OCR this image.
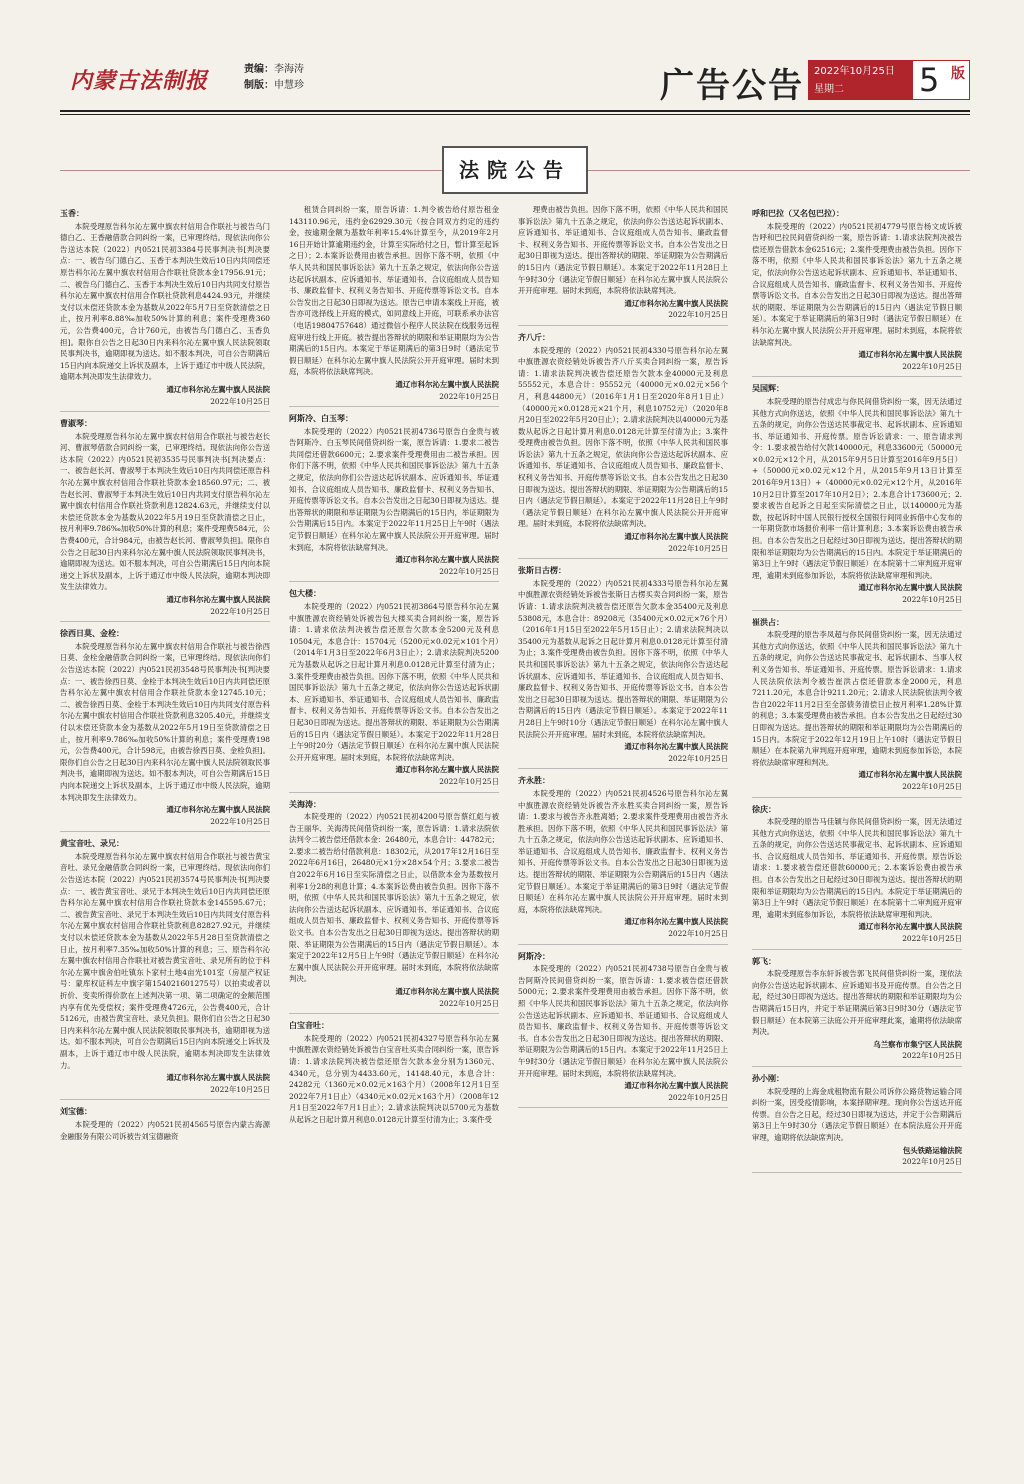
内蒙古法制报	责编：李海涛
制版：申慧珍	广告公告 2022年10月25日
星期二	5 版
法院公告
玉香：

本院受理原告科尔沁左翼中旗农村信用合作联社与被告乌门德白乙、王香融借款合同纠纷一案，已审理终结。现依法向你公告送达本院（2022）内0521民初3384号民事判决书[判决要点：一、被告乌门德白乙、玉香于本判决生效后10日内共同偿还原告科尔沁左翼中旗农村信用合作联社贷款本金17956.91元；二、被告乌门德白乙、玉香于本判决生效后10日内共同支付原告科尔沁左翼中旗农村信用合作联社贷款利息4424.93元，并继续支付以未偿还贷款本金为基数从2022年5月7日至贷款清偿之日止，按月利率8.88‰加收50%计算的利息；案件受理费360元，公告费400元，合计760元，由被告乌门德白乙、玉香负担]。限你自公告之日起30日内来科尔沁左翼中旗人民法院领取民事判决书，逾期即视为送达。如不服本判决，可自公告期满后15日内向本院递交上诉状及副本，上诉于通辽市中级人民法院，逾期本判决即发生法律效力。

通辽市科尔沁左翼中旗人民法院
2022年10月25日
曹淑琴：

本院受理原告科尔沁左翼中旗农村信用合作联社与被告赵长河、曹淑琴借款合同纠纷一案，已审理终结。现依法向你公告送达本院（2022）内0521民初3535号民事判决书[判决要点：一、被告赵长河、曹淑琴于本判决生效后10日内共同偿还原告科尔沁左翼中旗农村信用合作联社贷款本金18560.97元；二、被告赵长河、曹淑琴于本判决生效后10日内共同支付原告科尔沁左翼中旗农村信用合作联社贷款利息12824.63元，并继续支付以未偿还贷款本金为基数从2022年5月19日至贷款清偿之日止，按月利率9.786‰加收50%计算的利息；案件受理费584元，公告费400元，合计984元，由被告赵长河、曹淑琴负担]。限你自公告之日起30日内来科尔沁左翼中旗人民法院领取民事判决书，逾期即视为送达。如不服本判决，可自公告期满后15日内向本院递交上诉状及副本，上诉于通辽市中级人民法院，逾期本判决即发生法律效力。

通辽市科尔沁左翼中旗人民法院
2022年10月25日
徐西日莫、金栓：

本院受理原告科尔沁左翼中旗农村信用合作联社与被告徐西日莫、金栓金融借款合同纠纷一案，已审理终结。现依法向你们公告送达本院（2022）内0521民初3548号民事判决书[判决要点：一、被告徐西日莫、金栓于本判决生效后10日内共同偿还原告科尔沁左翼中旗农村信用合作联社贷款本金12745.10元；二、被告徐西日莫、金栓于本判决生效后10日内共同支付原告科尔沁左翼中旗农村信用合作联社贷款利息3205.40元，并继续支付以未偿还贷款本金为基数从2022年5月19日至贷款清偿之日止，按月利率9.786‰加收50%计算的利息；案件受理费198元，公告费400元，合计598元，由被告徐西日莫、金栓负担]。限你们自公告之日起30日内来科尔沁左翼中旗人民法院领取民事判决书，逾期即视为送达。如不服本判决，可自公告期满后15日内向本院递交上诉状及副本，上诉于通辽市中级人民法院，逾期本判决即发生法律效力。

通辽市科尔沁左翼中旗人民法院
2022年10月25日
黄宝音吐、录兄：

本院受理原告科尔沁左翼中旗农村信用合作联社与被告黄宝音吐、录兄金融借款合同纠纷一案，已审理终结。现依法向你们公告送达本院（2022）内0521民初3574号民事判决书[判决要点：一、被告黄宝音吐、录兄于本判决生效后10日内共同偿还原告科尔沁左翼中旗农村信用合作联社贷款本金145595.67元；二、被告黄宝音吐、录兄于本判决生效后10日内共同支付原告科尔沁左翼中旗农村信用合作联社贷款利息82827.92元，并继续支付以未偿还贷款本金为基数从2022年5月28日至贷款清偿之日止，按月利率7.35‰加收50%计算的利息；三、原告科尔沁左翼中旗农村信用合作联社对被告黄宝音吐、录兄所有的位于科尔沁左翼中旗舍伯吐镇东卜家村土地4亩光101室（房屋产权证号：蒙库权证科左中旗字第154021601275号）以拍卖或者以折价、变卖所得价款在上述判决第一项、第二项确定的金额范围内享有优先受偿权；案件受理费4726元，公告费400元，合计5126元，由被告黄宝音吐、录兄负担]。限你们自公告之日起30日内来科尔沁左翼中旗人民法院领取民事判决书，逾期即视为送达。如不服本判决，可自公告期满后15日内向本院递交上诉状及副本，上诉于通辽市中级人民法院，逾期本判决即发生法律效力。

通辽市科尔沁左翼中旗人民法院
2022年10月25日
刘宝德：

本院受理的（2022）内0521民初4565号原告内蒙古海源金融服务有限公司诉被告刘宝德融资

租赁合同纠纷一案，原告诉请：1.判令被告给付原告租金143110.96元，违约金62929.30元（按合同双方约定的违约金，按逾期金额为基数年利率15.4%计算至今，从2019年2月16日开始计算逾期违约金，计算至实际给付之日，暂计算至起诉之日）；2.本案诉讼费用由被告承担。因你下落不明，依照《中华人民共和国民事诉讼法》第九十五条之规定，依法向你公告送达起诉状副本、应诉通知书、举证通知书、合议庭组成人员告知书、廉政监督卡、权利义务告知书、开庭传票等诉讼文书。自本公告发出之日起30日即视为送达。原告已申请本案线上开庭，被告亦可选择线上开庭的模式，如同意线上开庭，可联系承办法官（电话19804757648）通过微信小程序人民法院在线服务远程庭审进行线上开庭。被告提出答辩状的期限和举证期限均为公告期满后的15日内。本案定于举证期满后的第3日9时（遇法定节假日顺延）在科尔沁左翼中旗人民法院公开开庭审理。届时未到庭，本院将依法缺席判决。

通辽市科尔沁左翼中旗人民法院
2022年10月25日
阿斯冷、白玉琴：

本院受理的（2022）内0521民初4736号原告白金贵与被告阿斯冷、白玉琴民间借贷纠纷一案，原告诉请：1.要求二被告共同偿还借款6600元；2.要求案件受理费用由二被告承担。因你们下落不明，依照《中华人民共和国民事诉讼法》第九十五条之规定，依法向你们公告送达起诉状副本、应诉通知书、举证通知书、合议庭组成人员告知书、廉政监督卡、权利义务告知书、开庭传票等诉讼文书。自本公告发出之日起30日即视为送达。提出答辩状的期限和举证期限为公告期满后的15日内，举证期限为公告期满后15日内。本案定于2022年11月25日上午9时（遇法定节假日顺延）在科尔沁左翼中旗人民法院公开开庭审理。届时未到庭，本院将依法缺席判决。

通辽市科尔沁左翼中旗人民法院
2022年10月25日
包大楼：

本院受理的（2022）内0521民初3864号原告科尔沁左翼中旗胜源农资经销处诉被告包大楼买卖合同纠纷一案，原告诉请：1.请求依法判决被告偿还原告欠款本金5200元及利息10504元，本息合计：15704元（5200元×0.02元×101个月）（2014年1月3日至2022年6月3日止）；2.请求法院判决5200元为基数从起诉之日起计算月利息0.0128元计算至付清为止；3.案件受理费由被告负担。因你下落不明，依照《中华人民共和国民事诉讼法》第九十五条之规定，依法向你公告送达起诉状副本、应诉通知书、举证通知书、合议庭组成人员告知书、廉政监督卡、权利义务告知书、开庭传票等诉讼文书。自本公告发出之日起30日即视为送达。提出答辩状的期限、举证期限为公告期满后的15日内（遇法定节假日顺延）。本案定于2022年11月28日上午9时20分（遇法定节假日顺延）在科尔沁左翼中旗人民法院公开开庭审理。届时未到庭，本院将依法缺席判决。

通辽市科尔沁左翼中旗人民法院
2022年10月25日
关海涛：

本院受理的（2022）内0521民初4200号原告蔡红彪与被告王丽华、关海涛民间借贷纠纷一案，原告诉请：1.请求法院依法判令二被告偿还借款本金：26480元，本息合计：44782元；2.要求二被告给付借款利息：18302元，从2017年12月16日至2022年6月16日，26480元×1分×28×54个月；3.要求二被告自2022年6月16日至实际清偿之日止，以借款本金为基数按月利率1分28的利息计算；4.本案诉讼费由被告负担。因你下落不明，依照《中华人民共和国民事诉讼法》第九十五条之规定，依法向你公告送达起诉状副本、应诉通知书、举证通知书、合议庭组成人员告知书、廉政监督卡、权利义务告知书、开庭传票等诉讼文书。自本公告发出之日起30日即视为送达。提出答辩状的期限、举证期限为公告期满后的15日内（遇法定节假日顺延）。本案定于2022年12月5日上午9时（遇法定节假日顺延）在科尔沁左翼中旗人民法院公开开庭审理。届时未到庭，本院将依法缺席判决。

通辽市科尔沁左翼中旗人民法院
2022年10月25日
白宝音吐：

本院受理的（2022）内0521民初4327号原告科尔沁左翼中旗胜源农资经销处诉被告白宝音吐买卖合同纠纷一案，原告诉请：1.请求法院判决被告偿还原告欠款本金分别为1360元、4340元，总分别为4433.60元，14148.40元，本息合计：24282元（1360元×0.02元×163个月）（2008年12月1日至2022年7月1日止）（4340元×0.02元×163个月）（2008年12月1日至2022年7月1日止）；2.请求法院判决以5700元为基数从起诉之日起计算月利息0.0128元计算至付清为止；3.案件受

理费由被告负担。因你下落不明，依照《中华人民共和国民事诉讼法》第九十五条之规定，依法向你公告送达起诉状副本、应诉通知书、举证通知书、合议庭组成人员告知书、廉政监督卡、权利义务告知书、开庭传票等诉讼文书。自本公告发出之日起30日即视为送达。提出答辩状的期限、举证期限为公告期满后的15日内（遇法定节假日顺延）。本案定于2022年11月28日上午9时30分（遇法定节假日顺延）在科尔沁左翼中旗人民法院公开开庭审理。届时未到庭，本院将依法缺席判决。

通辽市科尔沁左翼中旗人民法院
2022年10月25日
齐八斤：

本院受理的（2022）内0521民初4330号原告科尔沁左翼中旗胜源农资经销处诉被告齐八斤买卖合同纠纷一案，原告诉请：1.请求法院判决被告偿还原告欠款本金40000元及利息55552元，本息合计：95552元（40000元×0.02元×56个月，利息44800元）（2016年1月1日至2020年8月1日止）（40000元×0.0128元×21个月，利息10752元）（2020年8月20日至2022年5月20日止）；2.请求法院判决以40000元为基数从起诉之日起计算月利息0.0128元计算至付清为止；3.案件受理费由被告负担。因你下落不明，依照《中华人民共和国民事诉讼法》第九十五条之规定，依法向你公告送达起诉状副本、应诉通知书、举证通知书、合议庭组成人员告知书、廉政监督卡、权利义务告知书、开庭传票等诉讼文书。自本公告发出之日起30日即视为送达。提出答辩状的期限、举证期限为公告期满后的15日内（遇法定节假日顺延）。本案定于2022年11月28日上午9时（遇法定节假日顺延）在科尔沁左翼中旗人民法院公开开庭审理。届时未到庭，本院将依法缺席判决。

通辽市科尔沁左翼中旗人民法院
2022年10月25日
张斯日古楞：

本院受理的（2022）内0521民初4333号原告科尔沁左翼中旗胜源农资经销处诉被告张斯日古楞买卖合同纠纷一案，原告诉请：1.请求法院判决被告偿还原告欠款本金35400元及利息53808元，本息合计：89208元（35400元×0.02元×76个月）（2016年1月15日至2022年5月15日止）；2.请求法院判决以35400元为基数从起诉之日起计算月利息0.0128元计算至付清为止；3.案件受理费由被告负担。因你下落不明，依照《中华人民共和国民事诉讼法》第九十五条之规定，依法向你公告送达起诉状副本、应诉通知书、举证通知书、合议庭组成人员告知书、廉政监督卡、权利义务告知书、开庭传票等诉讼文书。自本公告发出之日起30日即视为送达。提出答辩状的期限、举证期限为公告期满后的15日内（遇法定节假日顺延）。本案定于2022年11月28日上午9时10分（遇法定节假日顺延）在科尔沁左翼中旗人民法院公开开庭审理。届时未到庭，本院将依法缺席判决。

通辽市科尔沁左翼中旗人民法院
2022年10月25日
齐永胜：

本院受理的（2022）内0521民初4526号原告科尔沁左翼中旗胜源农资经销处诉被告齐永胜买卖合同纠纷一案，原告诉请：1.要求与被告齐永胜离婚；2.要求案件受理费用由被告齐永胜承担。因你下落不明，依照《中华人民共和国民事诉讼法》第九十五条之规定，依法向你公告送达起诉状副本、应诉通知书、举证通知书、合议庭组成人员告知书、廉政监督卡、权利义务告知书、开庭传票等诉讼文书。自本公告发出之日起30日即视为送达。提出答辩状的期限、举证期限为公告期满后的15日内（遇法定节假日顺延）。本案定于举证期满后的第3日9时（遇法定节假日顺延）在科尔沁左翼中旗人民法院公开开庭审理。届时未到庭，本院将依法缺席判决。

通辽市科尔沁左翼中旗人民法院
2022年10月25日
阿斯冷：

本院受理的（2022）内0521民初4738号原告白金贵与被告阿斯冷民间借贷纠纷一案，原告诉请：1.要求被告偿还借款5000元；2.要求案件受理费用由被告承担。因你下落不明，依照《中华人民共和国民事诉讼法》第九十五条之规定，依法向你公告送达起诉状副本、应诉通知书、举证通知书、合议庭组成人员告知书、廉政监督卡、权利义务告知书、开庭传票等诉讼文书。自本公告发出之日起30日即视为送达。提出答辩状的期限、举证期限为公告期满后的15日内。本案定于2022年11月25日上午9时30分（遇法定节假日顺延）在科尔沁左翼中旗人民法院公开开庭审理。届时未到庭，本院将依法缺席判决。

通辽市科尔沁左翼中旗人民法院
2022年10月25日
呼和巴拉（又名包巴拉）：

本院受理的（2022）内0521民初4779号原告杨文成诉被告呼和巴拉民间借贷纠纷一案，原告诉请：1.请求法院判决被告偿还原告借款本金62516元；2.案件受理费由被告负担。因你下落不明，依照《中华人民共和国民事诉讼法》第九十五条之规定，依法向你公告送达起诉状副本、应诉通知书、举证通知书、合议庭组成人员告知书、廉政监督卡、权利义务告知书、开庭传票等诉讼文书。自本公告发出之日起30日即视为送达。提出答辩状的期限、举证期限为公告期满后的15日内（遇法定节假日顺延）。本案定于举证期满后的第3日9时（遇法定节假日顺延）在科尔沁左翼中旗人民法院公开开庭审理。届时未到庭，本院将依法缺席判决。

通辽市科尔沁左翼中旗人民法院
2022年10月25日
吴国辉：

本院受理的原告付成忠与你民间借贷纠纷一案，因无法通过其他方式向你送达，依照《中华人民共和国民事诉讼法》第九十五条的规定，向你公告送达民事裁定书、起诉状副本、应诉通知书、举证通知书、开庭传票。原告诉讼请求：一、原告请求判令：1.要求被告给付欠款140000元，利息33600元（50000元×0.02元×12个月，从2015年9月5日计算至2016年9月5日）+（50000元×0.02元×12个月，从2015年9月13日计算至2016年9月13日）+（40000元×0.02元×12个月，从2016年10月2日计算至2017年10月2日）；2.本息合计173600元；2.要求被告自起诉之日起至实际清偿之日止，以140000元为基数，按起诉时中国人民银行授权全国银行间同业拆借中心发布的一年期贷款市场报价利率一倍计算利息；3.本案诉讼费由被告承担。自本公告发出之日起经过30日即视为送达。提出答辩状的期限和举证期限均为公告期满后的15日内。本院定于举证期满后的第3日上午9时（遇法定节假日顺延）在本院第十二审判庭开庭审理，逾期未到庭参加诉讼，本院将依法缺席审理和判决。

通辽市科尔沁左翼中旗人民法院
2022年10月25日
崔洪占：

本院受理的原告李凤超与你民间借贷纠纷一案，因无法通过其他方式向你送达，依照《中华人民共和国民事诉讼法》第九十五条的规定，向你公告送达民事裁定书、起诉状副本、当事人权利义务告知书、举证通知书、开庭传票。原告诉讼请求：1.请求人民法院依法判令被告崔洪占偿还借款本金2000元，利息7211.20元，本息合计9211.20元；2.请求人民法院依法判令被告自2022年11月2日至全部债务清偿日止按月利率1.28%计算的利息；3.本案受理费由被告承担。自本公告发出之日起经过30日即视为送达。提出答辩状的期限和举证期限均为公告期满后的15日内。本院定于2022年12月19日上午10时（遇法定节假日顺延）在本院第九审判庭开庭审理，逾期未到庭参加诉讼，本院将依法缺席审理和判决。

通辽市科尔沁左翼中旗人民法院
2022年10月25日
徐庆：

本院受理的原告马佳颖与你民间借贷纠纷一案，因无法通过其他方式向你送达，依照《中华人民共和国民事诉讼法》第九十五条的规定，向你公告送达民事裁定书、起诉状副本、应诉通知书、合议庭组成人员告知书、举证通知书、开庭传票。原告诉讼请求：1.要求被告偿还借款60000元；2.本案诉讼费由被告承担。自本公告发出之日起经过30日即视为送达。提出答辩状的期限和举证期限均为公告期满后的15日内。本院定于举证期满后的第3日上午9时（遇法定节假日顺延）在本院第十二审判庭开庭审理，逾期未到庭参加诉讼，本院将依法缺席审理和判决。

通辽市科尔沁左翼中旗人民法院
2022年10月25日
郭飞：

本院受理原告李东轩诉被告郭飞民间借贷纠纷一案，现依法向你公告送达起诉状副本、应诉通知书及开庭传票。自公告之日起，经过30日即视为送达。提出答辩状的期限和举证期限均为公告期满后15日内，并定于举证期满后第3日9时30分（遇法定节假日顺延）在本院第三法庭公开开庭审理此案，逾期将依法缺席判决。

乌兰察布市集宁区人民法院
2022年10月25日
孙小刚：

本院受理的上海金成租物流有限公司诉你公路货物运输合同纠纷一案，因受疫情影响，本案择期审理。现向你公告送达开庭传票。自公告之日起，经过30日即视为送达，并定于公告期满后第3日上午9时30分（遇法定节假日顺延）在本院法庭公开开庭审理，逾期将依法缺席判决。

包头铁路运输法院
2022年10月25日
